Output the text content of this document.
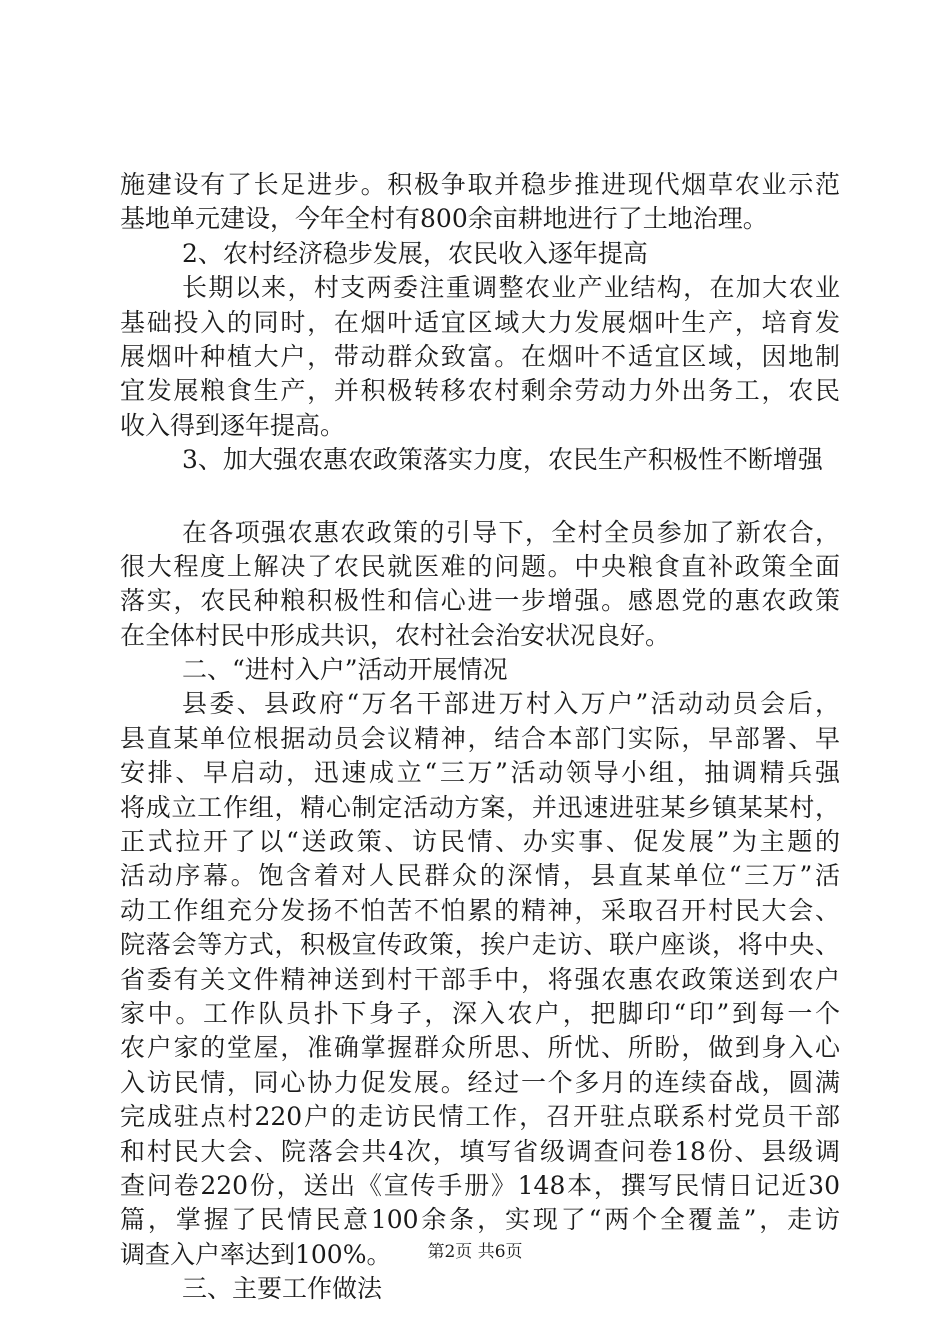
施建设有了长足进步。积极争取并稳步推进现代烟草农业示范
基地单元建设，今年全村有800余亩耕地进行了土地治理。
2、农村经济稳步发展，农民收入逐年提高
长期以来，村支两委注重调整农业产业结构，在加大农业
基础投入的同时，在烟叶适宜区域大力发展烟叶生产，培育发
展烟叶种植大户，带动群众致富。在烟叶不适宜区域，因地制
宜发展粮食生产，并积极转移农村剩余劳动力外出务工，农民
收入得到逐年提高。
3、加大强农惠农政策落实力度，农民生产积极性不断增强
在各项强农惠农政策的引导下，全村全员参加了新农合，
很大程度上解决了农民就医难的问题。中央粮食直补政策全面
落实，农民种粮积极性和信心进一步增强。感恩党的惠农政策
在全体村民中形成共识，农村社会治安状况良好。
二、“进村入户”活动开展情况
县委、县政府“万名干部进万村入万户”活动动员会后，
县直某单位根据动员会议精神，结合本部门实际，早部署、早
安排、早启动，迅速成立“三万”活动领导小组，抽调精兵强
将成立工作组，精心制定活动方案，并迅速进驻某乡镇某某村，
正式拉开了以“送政策、访民情、办实事、促发展”为主题的
活动序幕。饱含着对人民群众的深情，县直某单位“三万”活
动工作组充分发扬不怕苦不怕累的精神，采取召开村民大会、
院落会等方式，积极宣传政策，挨户走访、联户座谈，将中央、
省委有关文件精神送到村干部手中，将强农惠农政策送到农户
家中。工作队员扑下身子，深入农户，把脚印“印”到每一个
农户家的堂屋，准确掌握群众所思、所忧、所盼，做到身入心
入访民情，同心协力促发展。经过一个多月的连续奋战，圆满
完成驻点村220户的走访民情工作，召开驻点联系村党员干部
和村民大会、院落会共4次，填写省级调查问卷18份、县级调
查问卷220份，送出《宣传手册》148本，撰写民情日记近30
篇，掌握了民情民意100余条，实现了“两个全覆盖”，走访
调查入户率达到100%。
三、主要工作做法
第2页 共6页
